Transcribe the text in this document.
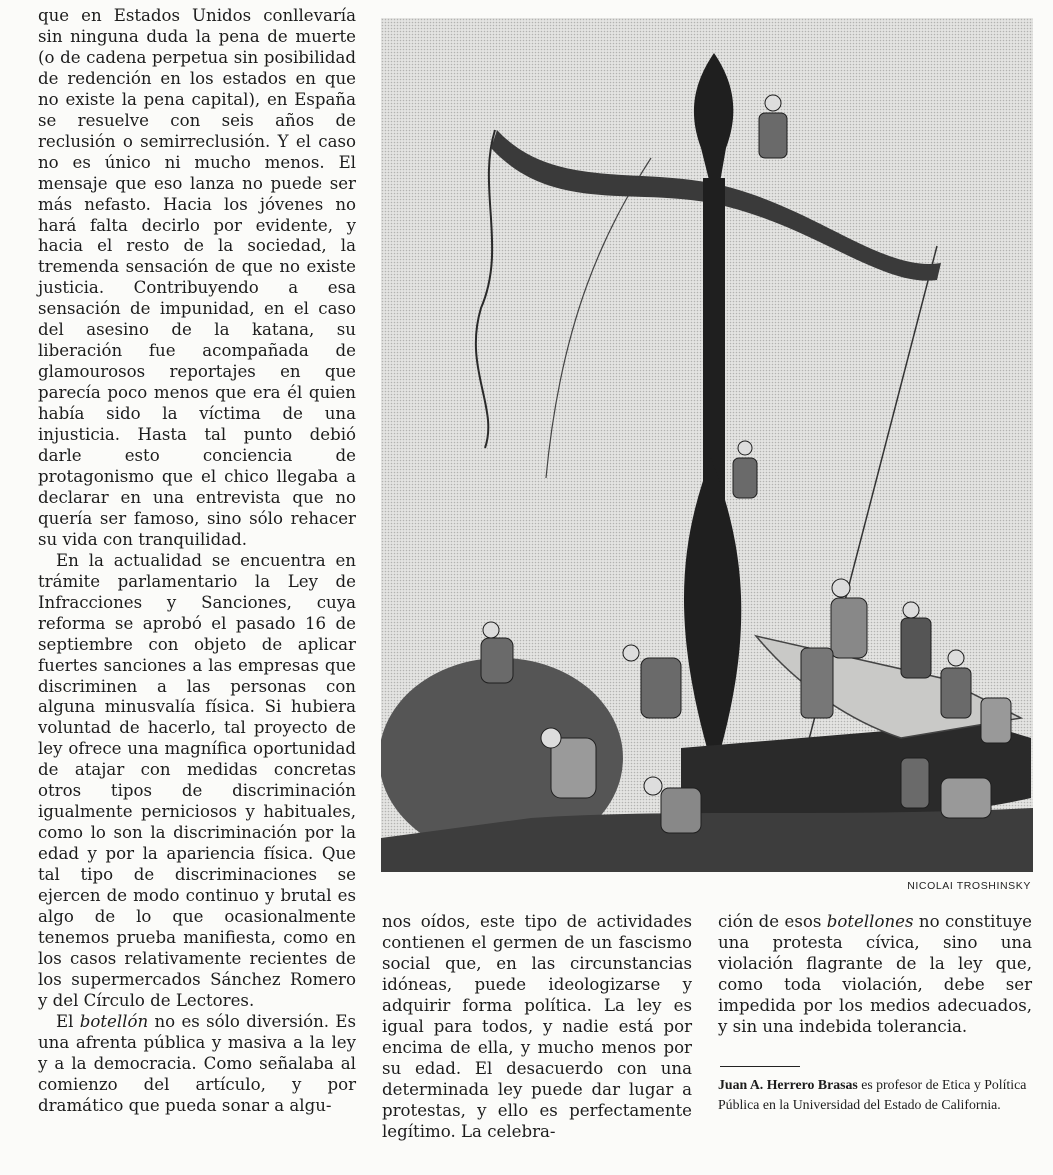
que en Estados Unidos conllevaría sin ninguna duda la pena de muerte (o de cadena perpetua sin posibilidad de redención en los estados en que no existe la pena capital), en España se resuelve con seis años de reclusión o semirreclusión. Y el caso no es único ni mucho menos. El mensaje que eso lanza no puede ser más nefasto. Hacia los jóvenes no hará falta decirlo por evidente, y hacia el resto de la sociedad, la tremenda sensación de que no existe justicia. Contribuyendo a esa sensación de impunidad, en el caso del asesino de la katana, su liberación fue acompañada de glamourosos reportajes en que parecía poco menos que era él quien había sido la víctima de una injusticia. Hasta tal punto debió darle esto conciencia de protagonismo que el chico llegaba a declarar en una entrevista que no quería ser famoso, sino sólo rehacer su vida con tranquilidad.

En la actualidad se encuentra en trámite parlamentario la Ley de Infracciones y Sanciones, cuya reforma se aprobó el pasado 16 de septiembre con objeto de aplicar fuertes sanciones a las empresas que discriminen a las personas con alguna minusvalía física. Si hubiera voluntad de hacerlo, tal proyecto de ley ofrece una magnífica oportunidad de atajar con medidas concretas otros tipos de discriminación igualmente perniciosos y habituales, como lo son la discriminación por la edad y por la apariencia física. Que tal tipo de discriminaciones se ejercen de modo continuo y brutal es algo de lo que ocasionalmente tenemos prueba manifiesta, como en los casos relativamente recientes de los supermercados Sánchez Romero y del Círculo de Lectores.

El botellón no es sólo diversión. Es una afrenta pública y masiva a la ley y a la democracia. Como señalaba al comienzo del artículo, y por dramático que pueda sonar a algu-

NICOLAI TROSHINSKY

nos oídos, este tipo de actividades contienen el germen de un fascismo social que, en las circunstancias idóneas, puede ideologizarse y adquirir forma política. La ley es igual para todos, y nadie está por encima de ella, y mucho menos por su edad. El desacuerdo con una determinada ley puede dar lugar a protestas, y ello es perfectamente legítimo. La celebra-

ción de esos botellones no constituye una protesta cívica, sino una violación flagrante de la ley que, como toda violación, debe ser impedida por los medios adecuados, y sin una indebida tolerancia.

Juan A. Herrero Brasas es profesor de Etica y Política Pública en la Universidad del Estado de California.
